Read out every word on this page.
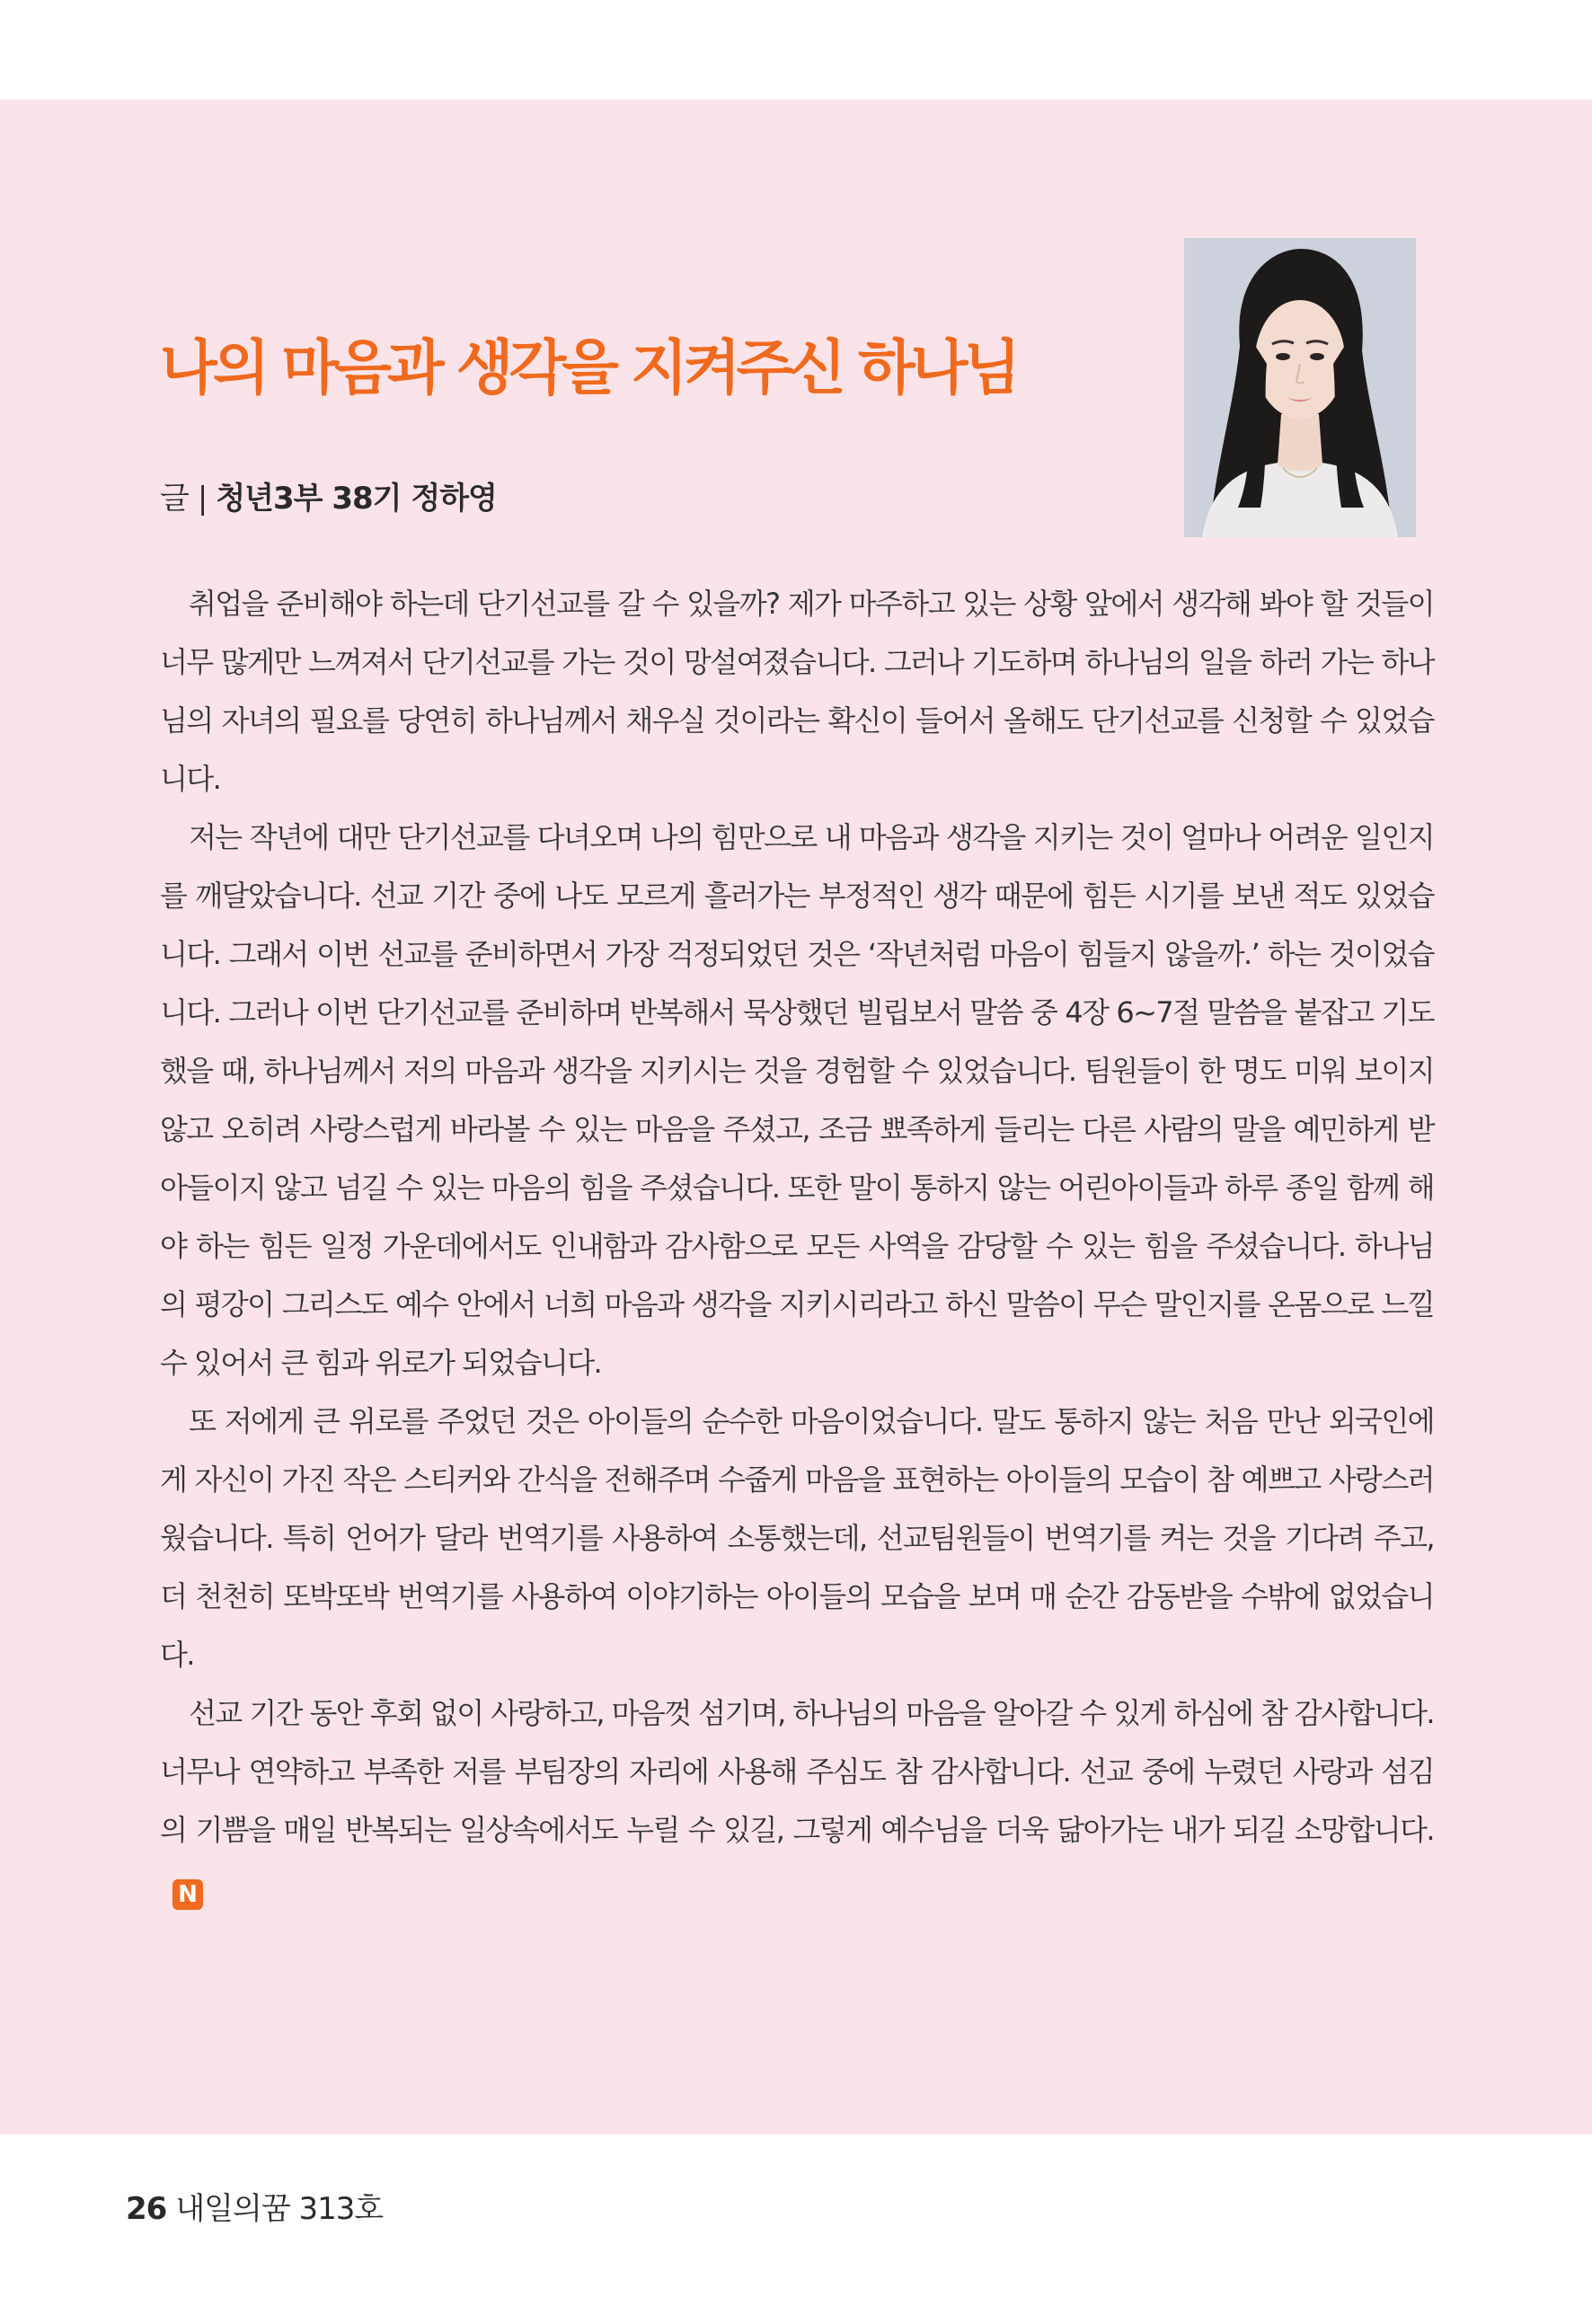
나의 마음과 생각을 지켜주신 하나님
글 | 청년3부 38기 정하영

취업을 준비해야 하는데 단기선교를 갈 수 있을까? 제가 마주하고 있는 상황 앞에서 생각해 봐야 할 것들이 너무 많게만 느껴져서 단기선교를 가는 것이 망설여졌습니다. 그러나 기도하며 하나님의 일을 하러 가는 하나님의 자녀의 필요를 당연히 하나님께서 채우실 것이라는 확신이 들어서 올해도 단기선교를 신청할 수 있었습니다.

저는 작년에 대만 단기선교를 다녀오며 나의 힘만으로 내 마음과 생각을 지키는 것이 얼마나 어려운 일인지를 깨달았습니다. 선교 기간 중에 나도 모르게 흘러가는 부정적인 생각 때문에 힘든 시기를 보낸 적도 있었습니다. 그래서 이번 선교를 준비하면서 가장 걱정되었던 것은 ‘작년처럼 마음이 힘들지 않을까.’ 하는 것이었습니다. 그러나 이번 단기선교를 준비하며 반복해서 묵상했던 빌립보서 말씀 중 4장 6~7절 말씀을 붙잡고 기도했을 때, 하나님께서 저의 마음과 생각을 지키시는 것을 경험할 수 있었습니다. 팀원들이 한 명도 미워 보이지 않고 오히려 사랑스럽게 바라볼 수 있는 마음을 주셨고, 조금 뾰족하게 들리는 다른 사람의 말을 예민하게 받아들이지 않고 넘길 수 있는 마음의 힘을 주셨습니다. 또한 말이 통하지 않는 어린아이들과 하루 종일 함께 해야 하는 힘든 일정 가운데에서도 인내함과 감사함으로 모든 사역을 감당할 수 있는 힘을 주셨습니다. 하나님의 평강이 그리스도 예수 안에서 너희 마음과 생각을 지키시리라고 하신 말씀이 무슨 말인지를 온몸으로 느낄 수 있어서 큰 힘과 위로가 되었습니다.

또 저에게 큰 위로를 주었던 것은 아이들의 순수한 마음이었습니다. 말도 통하지 않는 처음 만난 외국인에게 자신이 가진 작은 스티커와 간식을 전해주며 수줍게 마음을 표현하는 아이들의 모습이 참 예쁘고 사랑스러웠습니다. 특히 언어가 달라 번역기를 사용하여 소통했는데, 선교팀원들이 번역기를 켜는 것을 기다려 주고, 더 천천히 또박또박 번역기를 사용하여 이야기하는 아이들의 모습을 보며 매 순간 감동받을 수밖에 없었습니다.

선교 기간 동안 후회 없이 사랑하고, 마음껏 섬기며, 하나님의 마음을 알아갈 수 있게 하심에 참 감사합니다. 너무나 연약하고 부족한 저를 부팀장의 자리에 사용해 주심도 참 감사합니다. 선교 중에 누렸던 사랑과 섬김의 기쁨을 매일 반복되는 일상속에서도 누릴 수 있길, 그렇게 예수님을 더욱 닮아가는 내가 되길 소망합니다.N

26 내일의꿈 313호
